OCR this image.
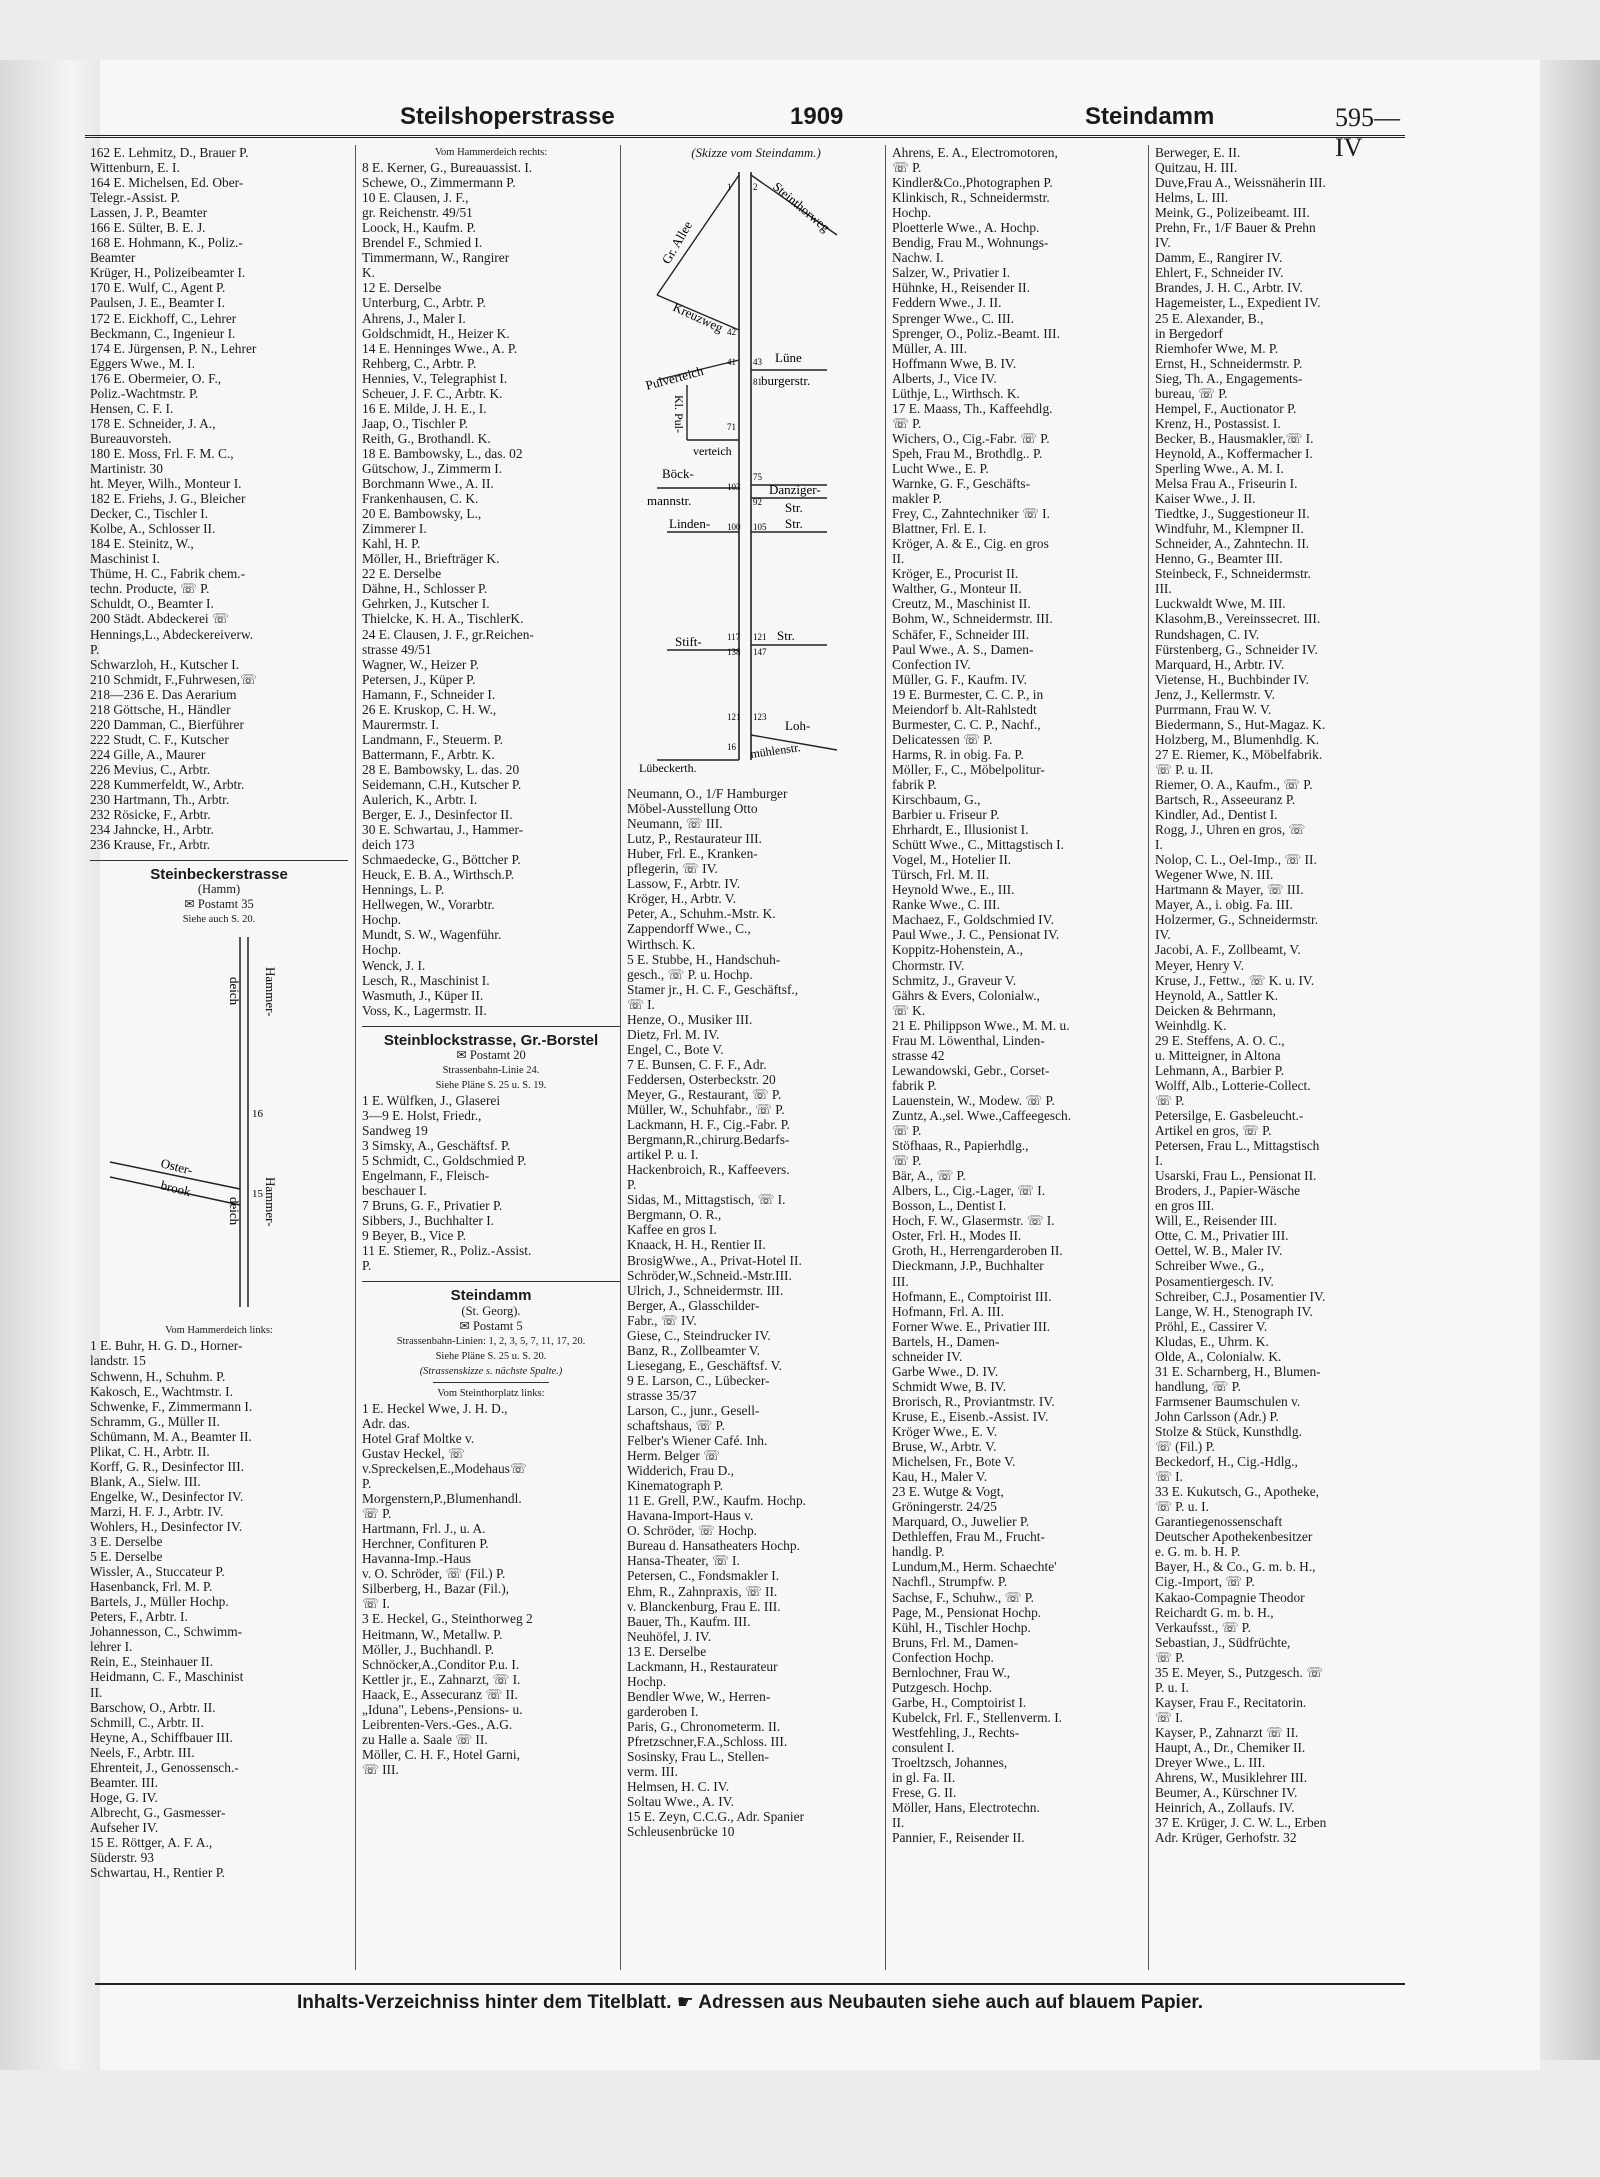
Steilshoperstrasse	1909	Steindamm	595—IV
162 E. Lehmitz, D., Brauer P.
Wittenburn, E. I.
164 E. Michelsen, Ed. Ober-
Telegr.-Assist. P.
Lassen, J. P., Beamter
166 E. Sülter, B. E. J.
168 E. Hohmann, K., Poliz.-
Beamter
Krüger, H., Polizeibeamter I.
170 E. Wulf, C., Agent P.
Paulsen, J. E., Beamter I.
172 E. Eickhoff, C., Lehrer
Beckmann, C., Ingenieur I.
174 E. Jürgensen, P. N., Lehrer
Eggers Wwe., M. I.
176 E. Obermeier, O. F.,
Poliz.-Wachtmstr. P.
Hensen, C. F. I.
178 E. Schneider, J. A.,
Bureauvorsteh.
180 E. Moss, Frl. F. M. C.,
Martinistr. 30
ht. Meyer, Wilh., Monteur I.
182 E. Friehs, J. G., Bleicher
Decker, C., Tischler I.
Kolbe, A., Schlosser II.
184 E. Steinitz, W.,
Maschinist I.
Thüme, H. C., Fabrik chem.-
techn. Producte, ☏ P.
Schuldt, O., Beamter I.
200 Städt. Abdeckerei ☏
Hennings,L., Abdeckereiverw.
P.
Schwarzloh, H., Kutscher I.
210 Schmidt, F.,Fuhrwesen,☏
218—236 E. Das Aerarium
218 Göttsche, H., Händler
220 Damman, C., Bierführer
222 Studt, C. F., Kutscher
224 Gille, A., Maurer
226 Mevius, C., Arbtr.
228 Kummerfeldt, W., Arbtr.
230 Hartmann, Th., Arbtr.
232 Rösicke, F., Arbtr.
234 Jahncke, H., Arbtr.
236 Krause, Fr., Arbtr.
Steinbeckerstrasse
(Hamm)
✉ Postamt 35
Siehe auch S. 20.
Hammer-
deich
Oster-
brook	Hammer-
deich
15
16
Vom Hammerdeich links:
1 E. Buhr, H. G. D., Horner-
landstr. 15
Schwenn, H., Schuhm. P.
Kakosch, E., Wachtmstr. I.
Schwenke, F., Zimmermann I.
Schramm, G., Müller II.
Schümann, M. A., Beamter II.
Plikat, C. H., Arbtr. II.
Korff, G. R., Desinfector III.
Blank, A., Sielw. III.
Engelke, W., Desinfector IV.
Marzi, H. F. J., Arbtr. IV.
Wohlers, H., Desinfector IV.
3 E. Derselbe
5 E. Derselbe
Wissler, A., Stuccateur P.
Hasenbanck, Frl. M. P.
Bartels, J., Müller Hochp.
Peters, F., Arbtr. I.
Johannesson, C., Schwimm-
lehrer I.
Rein, E., Steinhauer II.
Heidmann, C. F., Maschinist
II.
Barschow, O., Arbtr. II.
Schmill, C., Arbtr. II.
Heyne, A., Schiffbauer III.
Neels, F., Arbtr. III.
Ehrenteit, J., Genossensch.-
Beamter. III.
Hoge, G. IV.
Albrecht, G., Gasmesser-
Aufseher IV.
15 E. Röttger, A. F. A.,
Süderstr. 93
Schwartau, H., Rentier P.
Vom Hammerdeich rechts:
8 E. Kerner, G., Bureauassist. I.
Schewe, O., Zimmermann P.
10 E. Clausen, J. F.,
gr. Reichenstr. 49/51
Loock, H., Kaufm. P.
Brendel F., Schmied I.
Timmermann, W., Rangirer
K.
12 E. Derselbe
Unterburg, C., Arbtr. P.
Ahrens, J., Maler I.
Goldschmidt, H., Heizer K.
14 E. Henninges Wwe., A. P.
Rehberg, C., Arbtr. P.
Hennies, V., Telegraphist I.
Scheuer, J. F. C., Arbtr. K.
16 E. Milde, J. H. E., I.
Jaap, O., Tischler P.
Reith, G., Brothandl. K.
18 E. Bambowsky, L., das. 02
Gütschow, J., Zimmerm I.
Borchmann Wwe., A. II.
Frankenhausen, C. K.
20 E. Bambowsky, L.,
Zimmerer I.
Kahl, H. P.
Möller, H., Briefträger K.
22 E. Derselbe
Dähne, H., Schlosser P.
Gehrken, J., Kutscher I.
Thielcke, K. H. A., TischlerK.
24 E. Clausen, J. F., gr.Reichen-
strasse 49/51
Wagner, W., Heizer P.
Petersen, J., Küper P.
Hamann, F., Schneider I.
26 E. Kruskop, C. H. W.,
Maurermstr. I.
Landmann, F., Steuerm. P.
Battermann, F., Arbtr. K.
28 E. Bambowsky, L. das. 20
Seidemann, C.H., Kutscher P.
Aulerich, K., Arbtr. I.
Berger, E. J., Desinfector II.
30 E. Schwartau, J., Hammer-
deich 173
Schmaedecke, G., Böttcher P.
Heuck, E. B. A., Wirthsch.P.
Hennings, L. P.
Hellwegen, W., Vorarbtr.
Hochp.
Mundt, S. W., Wagenführ.
Hochp.
Wenck, J. I.
Lesch, R., Maschinist I.
Wasmuth, J., Küper II.
Voss, K., Lagermstr. II.
Steinblockstrasse, Gr.-Borstel
✉ Postamt 20
Strassenbahn-Linie 24.
Siehe Pläne S. 25 u. S. 19.
1 E. Wülfken, J., Glaserei
3—9 E. Holst, Friedr.,
Sandweg 19
3 Simsky, A., Geschäftsf. P.
5 Schmidt, C., Goldschmied P.
Engelmann, F., Fleisch-
beschauer I.
7 Bruns, G. F., Privatier P.
Sibbers, J., Buchhalter I.
9 Beyer, B., Vice P.
11 E. Stiemer, R., Poliz.-Assist.
P.
Steindamm
(St. Georg).
✉ Postamt 5
Strassenbahn-Linien: 1, 2, 3, 5, 7, 11, 17, 20.
Siehe Pläne S. 25 u. S. 20.
(Strassenskizze s. nächste Spalte.)
Vom Steinthorplatz links:
1 E. Heckel Wwe, J. H. D.,
Adr. das.
Hotel Graf Moltke v.
Gustav Heckel, ☏
v.Spreckelsen,E.,Modehaus☏
P.
Morgenstern,P.,Blumenhandl.
☏ P.
Hartmann, Frl. J., u. A.
Herchner, Confituren P.
Havanna-Imp.-Haus
v. O. Schröder, ☏ (Fil.) P.
Silberberg, H., Bazar (Fil.),
☏ I.
3 E. Heckel, G., Steinthorweg 2
Heitmann, W., Metallw. P.
Möller, J., Buchhandl. P.
Schnöcker,A.,Conditor P.u. I.
Kettler jr., E., Zahnarzt, ☏ I.
Haack, E., Assecuranz ☏ II.
„Iduna", Lebens-,Pensions- u.
Leibrenten-Vers.-Ges., A.G.
zu Halle a. Saale ☏ II.
Möller, C. H. F., Hotel Garni,
☏ III.
(Skizze vom Steindamm.)
Gr. Allee
Steinthorweg
Kreuzweg
Pulverteich
Lüne
burgerstr.
Kl. Pul-
verteich
Böck-
mannstr.
Danziger-
Str.
Linden-	Str.
Stift-	Str.
Loh-
Lübeckerth.
mühlenstr.
1 2
42
41 43
71
81
103
75
92
100 105
117 121
138 147
121 123
16
Neumann, O., 1/F Hamburger
Möbel-Ausstellung Otto
Neumann, ☏ III.
Lutz, P., Restaurateur III.
Huber, Frl. E., Kranken-
pflegerin, ☏ IV.
Lassow, F., Arbtr. IV.
Kröger, H., Arbtr. V.
Peter, A., Schuhm.-Mstr. K.
Zappendorff Wwe., C.,
Wirthsch. K.
5 E. Stubbe, H., Handschuh-
gesch., ☏ P. u. Hochp.
Stamer jr., H. C. F., Geschäftsf.,
☏ I.
Henze, O., Musiker III.
Dietz, Frl. M. IV.
Engel, C., Bote V.
7 E. Bunsen, C. F. F., Adr.
Feddersen, Osterbeckstr. 20
Meyer, G., Restaurant, ☏ P.
Müller, W., Schuhfabr., ☏ P.
Lackmann, H. F., Cig.-Fabr. P.
Bergmann,R.,chirurg.Bedarfs-
artikel P. u. I.
Hackenbroich, R., Kaffeevers.
P.
Sidas, M., Mittagstisch, ☏ I.
Bergmann, O. R.,
Kaffee en gros I.
Knaack, H. H., Rentier II.
BrosigWwe., A., Privat-Hotel II.
Schröder,W.,Schneid.-Mstr.III.
Ulrich, J., Schneidermstr. III.
Berger, A., Glasschilder-
Fabr., ☏ IV.
Giese, C., Steindrucker IV.
Banz, R., Zollbeamter V.
Liesegang, E., Geschäftsf. V.
9 E. Larson, C., Lübecker-
strasse 35/37
Larson, C., junr., Gesell-
schaftshaus, ☏ P.
Felber's Wiener Café. Inh.
Herm. Belger ☏
Widderich, Frau D.,
Kinematograph P.
11 E. Grell, P.W., Kaufm. Hochp.
Havana-Import-Haus v.
O. Schröder, ☏ Hochp.
Bureau d. Hansatheaters Hochp.
Hansa-Theater, ☏ I.
Petersen, C., Fondsmakler I.
Ehm, R., Zahnpraxis, ☏ II.
v. Blanckenburg, Frau E. III.
Bauer, Th., Kaufm. III.
Neuhöfel, J. IV.
13 E. Derselbe
Lackmann, H., Restaurateur
Hochp.
Bendler Wwe, W., Herren-
garderoben I.
Paris, G., Chronometerm. II.
Pfretzschner,F.A.,Schloss. III.
Sosinsky, Frau L., Stellen-
verm. III.
Helmsen, H. C. IV.
Soltau Wwe., A. IV.
15 E. Zeyn, C.C.G., Adr. Spanier
Schleusenbrücke 10
Ahrens, E. A., Electromotoren,
☏ P.
Kindler&Co.,Photographen P.
Klinkisch, R., Schneidermstr.
Hochp.
Ploetterle Wwe., A. Hochp.
Bendig, Frau M., Wohnungs-
Nachw. I.
Salzer, W., Privatier I.
Hühnke, H., Reisender II.
Feddern Wwe., J. II.
Sprenger Wwe., C. III.
Sprenger, O., Poliz.-Beamt. III.
Müller, A. III.
Hoffmann Wwe, B. IV.
Alberts, J., Vice IV.
Lüthje, L., Wirthsch. K.
17 E. Maass, Th., Kaffeehdlg.
☏ P.
Wichers, O., Cig.-Fabr. ☏ P.
Speh, Frau M., Brothdlg.. P.
Lucht Wwe., E. P.
Warnke, G. F., Geschäfts-
makler P.
Frey, C., Zahntechniker ☏ I.
Blattner, Frl. E. I.
Kröger, A. & E., Cig. en gros
II.
Kröger, E., Procurist II.
Walther, G., Monteur II.
Creutz, M., Maschinist II.
Bohm, W., Schneidermstr. III.
Schäfer, F., Schneider III.
Paul Wwe., A. S., Damen-
Confection IV.
Müller, G. F., Kaufm. IV.
19 E. Burmester, C. C. P., in
Meiendorf b. Alt-Rahlstedt
Burmester, C. C. P., Nachf.,
Delicatessen ☏ P.
Harms, R. in obig. Fa. P.
Möller, F., C., Möbelpolitur-
fabrik P.
Kirschbaum, G.,
Barbier u. Friseur P.
Ehrhardt, E., Illusionist I.
Schütt Wwe., C., Mittagstisch I.
Vogel, M., Hotelier II.
Türsch, Frl. M. II.
Heynold Wwe., E., III.
Ranke Wwe., C. III.
Machaez, F., Goldschmied IV.
Paul Wwe., J. C., Pensionat IV.
Koppitz-Hohenstein, A.,
Chormstr. IV.
Schmitz, J., Graveur V.
Gährs & Evers, Colonialw.,
☏ K.
21 E. Philippson Wwe., M. M. u.
Frau M. Löwenthal, Linden-
strasse 42
Lewandowski, Gebr., Corset-
fabrik P.
Lauenstein, W., Modew. ☏ P.
Zuntz, A.,sel. Wwe.,Caffeegesch.
☏ P.
Stöfhaas, R., Papierhdlg.,
☏ P.
Bär, A., ☏ P.
Albers, L., Cig.-Lager, ☏ I.
Bosson, L., Dentist I.
Hoch, F. W., Glasermstr. ☏ I.
Oster, Frl. H., Modes II.
Groth, H., Herrengarderoben II.
Dieckmann, J.P., Buchhalter
III.
Hofmann, E., Comptoirist III.
Hofmann, Frl. A. III.
Forner Wwe. E., Privatier III.
Bartels, H., Damen-
schneider IV.
Garbe Wwe., D. IV.
Schmidt Wwe, B. IV.
Brorisch, R., Proviantmstr. IV.
Kruse, E., Eisenb.-Assist. IV.
Kröger Wwe., E. V.
Bruse, W., Arbtr. V.
Michelsen, Fr., Bote V.
Kau, H., Maler V.
23 E. Wutge & Vogt,
Gröningerstr. 24/25
Marquard, O., Juwelier P.
Dethleffen, Frau M., Frucht-
handlg. P.
Lundum,M., Herm. Schaechte'
Nachfl., Strumpfw. P.
Sachse, F., Schuhw., ☏ P.
Page, M., Pensionat Hochp.
Kühl, H., Tischler Hochp.
Bruns, Frl. M., Damen-
Confection Hochp.
Bernlochner, Frau W.,
Putzgesch. Hochp.
Garbe, H., Comptoirist I.
Kubelck, Frl. F., Stellenverm. I.
Westfehling, J., Rechts-
consulent I.
Troeltzsch, Johannes,
in gl. Fa. II.
Frese, G. II.
Möller, Hans, Electrotechn.
II.
Pannier, F., Reisender II.
Berweger, E. II.
Quitzau, H. III.
Duve,Frau A., Weissnäherin III.
Helms, L. III.
Meink, G., Polizeibeamt. III.
Prehn, Fr., 1/F Bauer & Prehn
IV.
Damm, E., Rangirer IV.
Ehlert, F., Schneider IV.
Brandes, J. H. C., Arbtr. IV.
Hagemeister, L., Expedient IV.
25 E. Alexander, B.,
in Bergedorf
Riemhofer Wwe, M. P.
Ernst, H., Schneidermstr. P.
Sieg, Th. A., Engagements-
bureau, ☏ P.
Hempel, F., Auctionator P.
Krenz, H., Postassist. I.
Becker, B., Hausmakler,☏ I.
Heynold, A., Koffermacher I.
Sperling Wwe., A. M. I.
Melsa Frau A., Friseurin I.
Kaiser Wwe., J. II.
Tiedtke, J., Suggestioneur II.
Windfuhr, M., Klempner II.
Schneider, A., Zahntechn. II.
Henno, G., Beamter III.
Steinbeck, F., Schneidermstr.
III.
Luckwaldt Wwe, M. III.
Klasohm,B., Vereinssecret. III.
Rundshagen, C. IV.
Fürstenberg, G., Schneider IV.
Marquard, H., Arbtr. IV.
Vietense, H., Buchbinder IV.
Jenz, J., Kellermstr. V.
Purrmann, Frau W. V.
Biedermann, S., Hut-Magaz. K.
Holzberg, M., Blumenhdlg. K.
27 E. Riemer, K., Möbelfabrik.
☏ P. u. II.
Riemer, O. A., Kaufm., ☏ P.
Bartsch, R., Asseeuranz P.
Kindler, Ad., Dentist I.
Rogg, J., Uhren en gros, ☏
I.
Nolop, C. L., Oel-Imp., ☏ II.
Wegener Wwe, N. III.
Hartmann & Mayer, ☏ III.
Mayer, A., i. obig. Fa. III.
Holzermer, G., Schneidermstr.
IV.
Jacobi, A. F., Zollbeamt, V.
Meyer, Henry V.
Kruse, J., Fettw., ☏ K. u. IV.
Heynold, A., Sattler K.
Deicken & Behrmann,
Weinhdlg. K.
29 E. Steffens, A. O. C.,
u. Mitteigner, in Altona
Lehmann, A., Barbier P.
Wolff, Alb., Lotterie-Collect.
☏ P.
Petersilge, E. Gasbeleucht.-
Artikel en gros, ☏ P.
Petersen, Frau L., Mittagstisch
I.
Usarski, Frau L., Pensionat II.
Broders, J., Papier-Wäsche
en gros III.
Will, E., Reisender III.
Otte, C. M., Privatier III.
Oettel, W. B., Maler IV.
Schreiber Wwe., G.,
Posamentiergesch. IV.
Schreiber, C.J., Posamentier IV.
Lange, W. H., Stenograph IV.
Pröhl, E., Cassirer V.
Kludas, E., Uhrm. K.
Olde, A., Colonialw. K.
31 E. Scharnberg, H., Blumen-
handlung, ☏ P.
Farmsener Baumschulen v.
John Carlsson (Adr.) P.
Stolze & Stück, Kunsthdlg.
☏ (Fil.) P.
Beckedorf, H., Cig.-Hdlg.,
☏ I.
33 E. Kukutsch, G., Apotheke,
☏ P. u. I.
Garantiegenossenschaft
Deutscher Apothekenbesitzer
e. G. m. b. H. P.
Bayer, H., & Co., G. m. b. H.,
Cig.-Import, ☏ P.
Kakao-Compagnie Theodor
Reichardt G. m. b. H.,
Verkaufsst., ☏ P.
Sebastian, J., Südfrüchte,
☏ P.
35 E. Meyer, S., Putzgesch. ☏
P. u. I.
Kayser, Frau F., Recitatorin.
☏ I.
Kayser, P., Zahnarzt ☏ II.
Haupt, A., Dr., Chemiker II.
Dreyer Wwe., L. III.
Ahrens, W., Musiklehrer III.
Beumer, A., Kürschner IV.
Heinrich, A., Zollaufs. IV.
37 E. Krüger, J. C. W. L., Erben
Adr. Krüger, Gerhofstr. 32
Inhalts-Verzeichniss hinter dem Titelblatt. ☛ Adressen aus Neubauten siehe auch auf blauem Papier.
